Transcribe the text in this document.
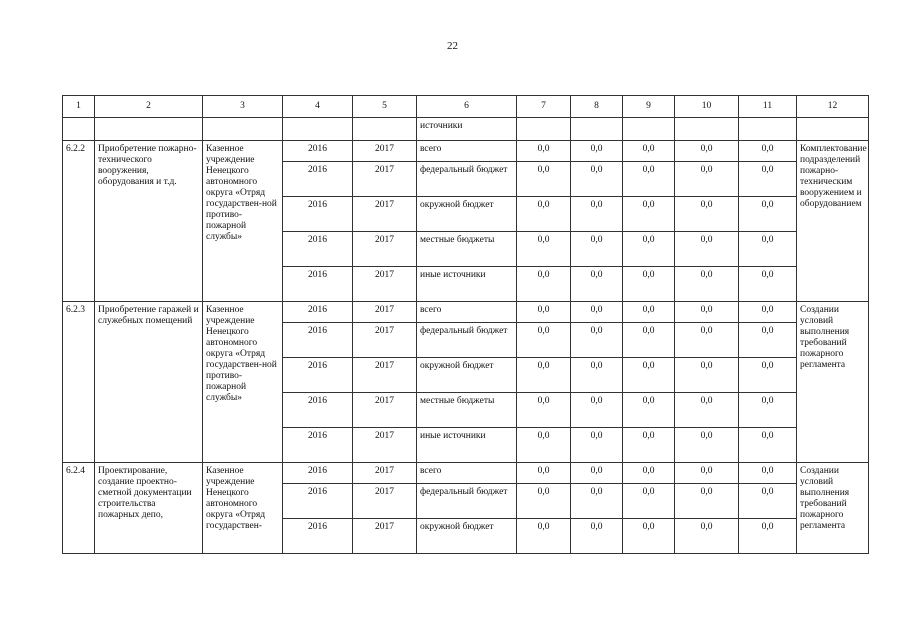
22
1	2	3	4	5	6	7	8	9	10	11	12
					источники						
6.2.2	Приобретение пожарно-технического вооружения, оборудования и т.д.	Казенное учреждение Ненецкого автономного округа «Отряд государствен-ной противо-пожарной службы»	2016	2017	всего	0,0	0,0	0,0	0,0	0,0	Комплектование подразделений пожарно-техническим вооружением и оборудованием
			2016	2017	федеральный бюджет	0,0	0,0	0,0	0,0	0,0	
			2016	2017	окружной бюджет	0,0	0,0	0,0	0,0	0,0	
			2016	2017	местные бюджеты	0,0	0,0	0,0	0,0	0,0	
			2016	2017	иные источники	0,0	0,0	0,0	0,0	0,0	
6.2.3	Приобретение гаражей и служебных помещений	Казенное учреждение Ненецкого автономного округа «Отряд государствен-ной противо-пожарной службы»	2016	2017	всего	0,0	0,0	0,0	0,0	0,0	Создании условий выполнения требований пожарного регламента
			2016	2017	федеральный бюджет	0,0	0,0	0,0	0,0	0,0	
			2016	2017	окружной бюджет	0,0	0,0	0,0	0,0	0,0	
			2016	2017	местные бюджеты	0,0	0,0	0,0	0,0	0,0	
			2016	2017	иные источники	0,0	0,0	0,0	0,0	0,0	
6.2.4	Проектирование, создание проектно-сметной документации строительства пожарных депо,	Казенное учреждение Ненецкого автономного округа «Отряд государствен-	2016	2017	всего	0,0	0,0	0,0	0,0	0,0	Создании условий выполнения требований пожарного регламента
			2016	2017	федеральный бюджет	0,0	0,0	0,0	0,0	0,0	
			2016	2017	окружной бюджет	0,0	0,0	0,0	0,0	0,0	
